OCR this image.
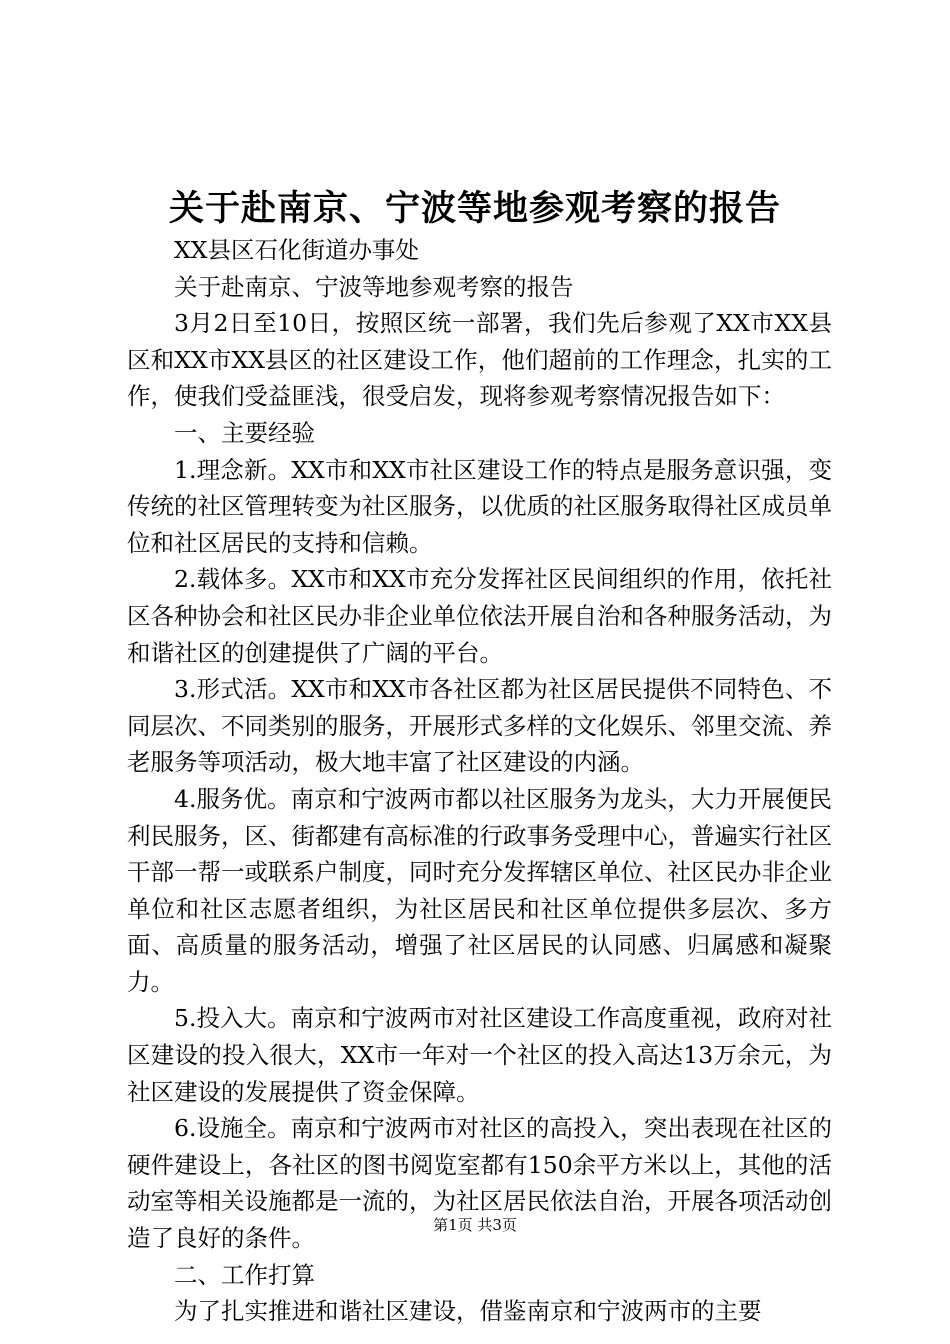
关于赴南京、宁波等地参观考察的报告

XX县区石化街道办事处

关于赴南京、宁波等地参观考察的报告

3月2日至10日，按照区统一部署，我们先后参观了XX市XX县区和XX市XX县区的社区建设工作，他们超前的工作理念，扎实的工作，使我们受益匪浅，很受启发，现将参观考察情况报告如下：

一、主要经验

1.理念新。XX市和XX市社区建设工作的特点是服务意识强，变传统的社区管理转变为社区服务，以优质的社区服务取得社区成员单位和社区居民的支持和信赖。

2.载体多。XX市和XX市充分发挥社区民间组织的作用，依托社区各种协会和社区民办非企业单位依法开展自治和各种服务活动，为和谐社区的创建提供了广阔的平台。

3.形式活。XX市和XX市各社区都为社区居民提供不同特色、不同层次、不同类别的服务，开展形式多样的文化娱乐、邻里交流、养老服务等项活动，极大地丰富了社区建设的内涵。

4.服务优。南京和宁波两市都以社区服务为龙头，大力开展便民利民服务，区、街都建有高标准的行政事务受理中心，普遍实行社区干部一帮一或联系户制度，同时充分发挥辖区单位、社区民办非企业单位和社区志愿者组织，为社区居民和社区单位提供多层次、多方面、高质量的服务活动，增强了社区居民的认同感、归属感和凝聚力。

5.投入大。南京和宁波两市对社区建设工作高度重视，政府对社区建设的投入很大，XX市一年对一个社区的投入高达13万余元，为社区建设的发展提供了资金保障。

6.设施全。南京和宁波两市对社区的高投入，突出表现在社区的硬件建设上，各社区的图书阅览室都有150余平方米以上，其他的活动室等相关设施都是一流的，为社区居民依法自治，开展各项活动创造了良好的条件。

二、工作打算

为了扎实推进和谐社区建设，借鉴南京和宁波两市的主要

第1页 共3页
